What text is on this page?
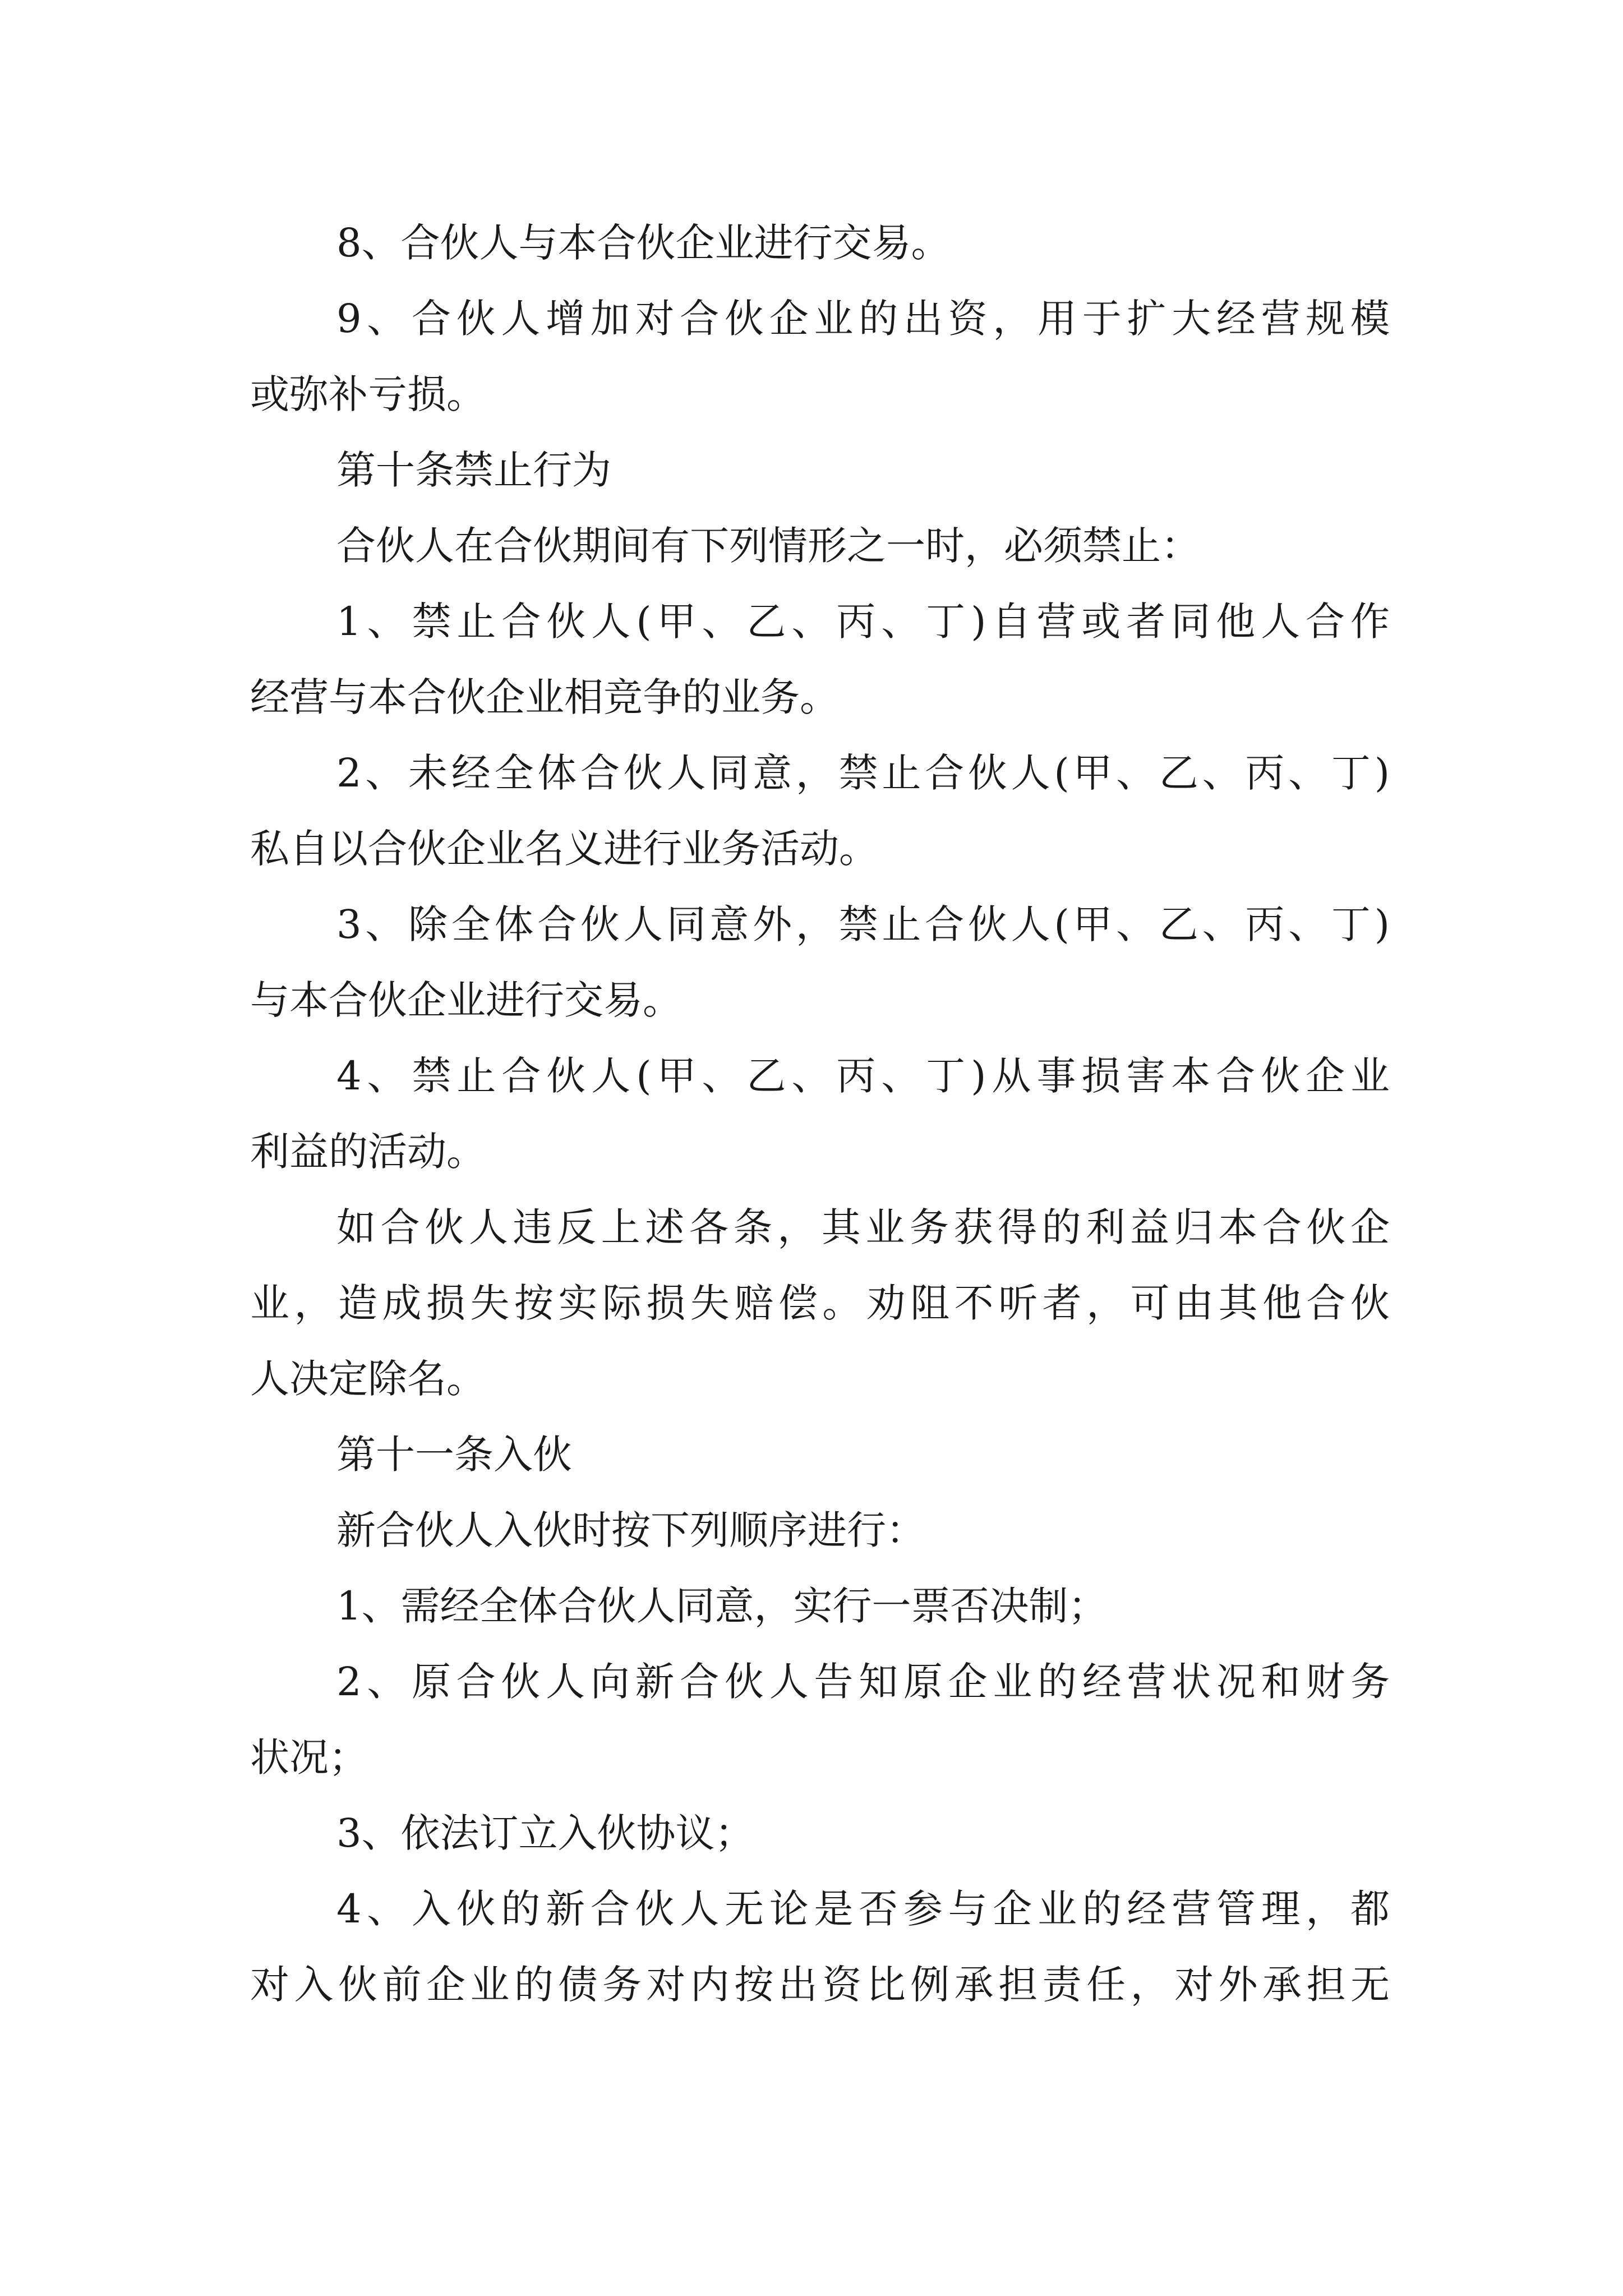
8、合伙人与本合伙企业进行交易。
9、合伙人增加对合伙企业的出资，用于扩大经营规模
或弥补亏损。
第十条禁止行为
合伙人在合伙期间有下列情形之一时，必须禁止：
1、禁止合伙人(甲、乙、丙、丁)自营或者同他人合作
经营与本合伙企业相竞争的业务。
2、未经全体合伙人同意，禁止合伙人(甲、乙、丙、丁)
私自以合伙企业名义进行业务活动。
3、除全体合伙人同意外，禁止合伙人(甲、乙、丙、丁)
与本合伙企业进行交易。
4、禁止合伙人(甲、乙、丙、丁)从事损害本合伙企业
利益的活动。
如合伙人违反上述各条，其业务获得的利益归本合伙企
业，造成损失按实际损失赔偿。劝阻不听者，可由其他合伙
人决定除名。
第十一条入伙
新合伙人入伙时按下列顺序进行：
1、需经全体合伙人同意，实行一票否决制；
2、原合伙人向新合伙人告知原企业的经营状况和财务
状况；
3、依法订立入伙协议；
4、入伙的新合伙人无论是否参与企业的经营管理，都
对入伙前企业的债务对内按出资比例承担责任，对外承担无
